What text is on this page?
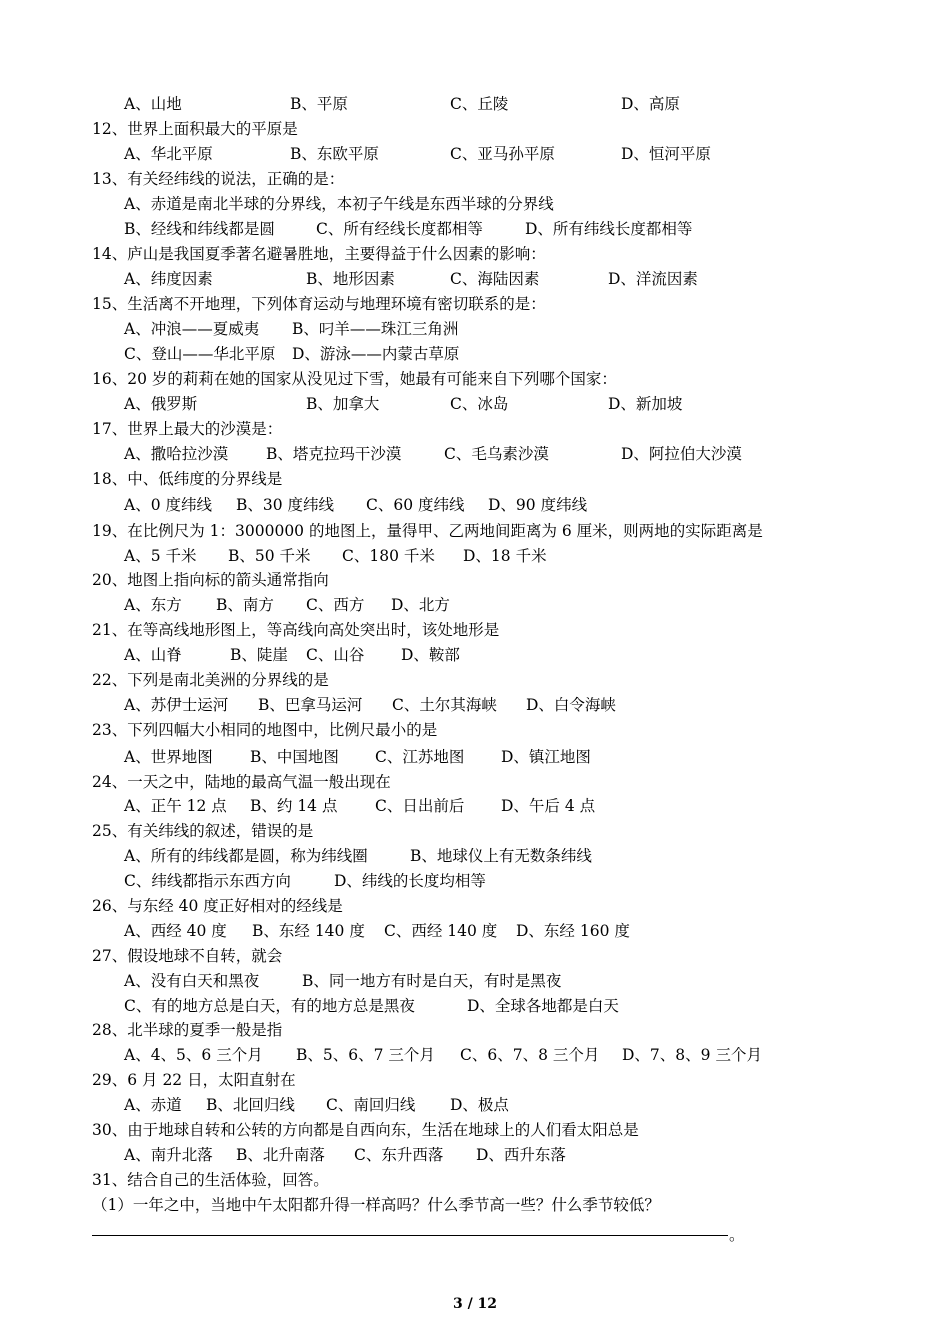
A、山地	B、平原	C、丘陵	D、高原
12、世界上面积最大的平原是
A、华北平原	B、东欧平原	C、亚马孙平原	D、恒河平原
13、有关经纬线的说法，正确的是：
A、赤道是南北半球的分界线，本初子午线是东西半球的分界线
B、经线和纬线都是圆	C、所有经线长度都相等	D、所有纬线长度都相等
14、庐山是我国夏季著名避暑胜地，主要得益于什么因素的影响：
A、纬度因素	B、地形因素	C、海陆因素	D、洋流因素
15、生活离不开地理，下列体育运动与地理环境有密切联系的是：
A、冲浪——夏威夷 B、叼羊——珠江三角洲
C、登山——华北平原 D、游泳——内蒙古草原
16、20 岁的莉莉在她的国家从没见过下雪，她最有可能来自下列哪个国家：
A、俄罗斯	B、加拿大	C、冰岛	D、新加坡
17、世界上最大的沙漠是：
A、撒哈拉沙漠 B、塔克拉玛干沙漠	C、毛乌素沙漠	D、阿拉伯大沙漠
18、中、低纬度的分界线是
A、0 度纬线 B、30 度纬线 C、60 度纬线 D、90 度纬线
19、在比例尺为 1：3000000 的地图上，量得甲、乙两地间距离为 6 厘米，则两地的实际距离是
A、5 千米 B、50 千米 C、180 千米 D、18 千米
20、地图上指向标的箭头通常指向
A、东方 B、南方 C、西方 D、北方
21、在等高线地形图上，等高线向高处突出时，该处地形是
A、山脊	B、陡崖 C、山谷 D、鞍部
22、下列是南北美洲的分界线的是
A、苏伊士运河 B、巴拿马运河 C、土尔其海峡 D、白令海峡
23、下列四幅大小相同的地图中，比例尺最小的是
A、世界地图 B、中国地图 C、江苏地图 D、镇江地图
24、一天之中，陆地的最高气温一般出现在
A、正午 12 点 B、约 14 点 C、日出前后 D、午后 4 点
25、有关纬线的叙述，错误的是
A、所有的纬线都是圆，称为纬线圈	B、地球仪上有无数条纬线
C、纬线都指示东西方向	D、纬线的长度均相等
26、与东经 40 度正好相对的经线是
A、西经 40 度 B、东经 140 度 C、西经 140 度 D、东经 160 度
27、假设地球不自转，就会
A、没有白天和黑夜	B、同一地方有时是白天，有时是黑夜
C、有的地方总是白天，有的地方总是黑夜	D、全球各地都是白天
28、北半球的夏季一般是指
A、4、5、6 三个月 B、5、6、7 三个月 C、6、7、8 三个月 D、7、8、9 三个月
29、6 月 22 日，太阳直射在
A、赤道 B、北回归线 C、南回归线 D、极点
30、由于地球自转和公转的方向都是自西向东，生活在地球上的人们看太阳总是
A、南升北落 B、北升南落 C、东升西落 D、西升东落
31、结合自己的生活体验，回答。
（1）一年之中，当地中午太阳都升得一样高吗？什么季节高一些？什么季节较低？
。
3 / 12
